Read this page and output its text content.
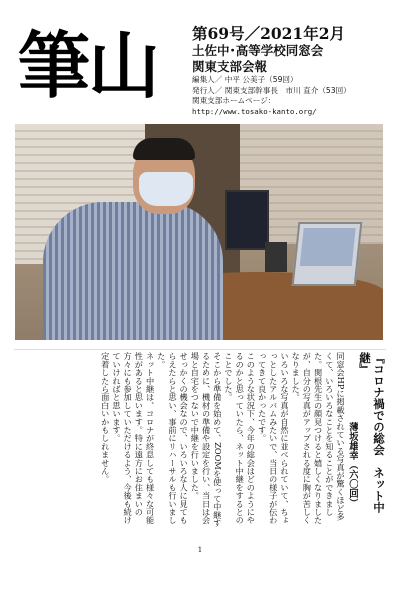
筆山	第69号／2021年2月
土佐中･高等学校同窓会
関東支部会報
編集人／ 中平 公美子（59回）
発行人／ 関東支部幹事長　市川 直介（53回）
関東支部ホームページ：
http://www.tosako-kanto.org/
『コロナ禍での総会　ネット中継』
薄坂雄幸（六〇回）
同窓会HPに掲載されている写真が驚くほど多くて、いろいろなことを知ることができました。関根先生の顔見つけると嬉しくなりましたが、自分の写真がアップされる度に胸が苦しくなりました。
いろいろな写真が自然に並べられていて、ちょっとしたアルバムみたいで、当日の様子が伝わってきて良かったです。
このような状況下、今年の総会はどのようにやるのかと思っていたら、ネット中継をするとのことでした。
そこから準備を始めて、ZOOMを使って中継するために、機材の準備や設定を行い、当日は会場と自宅をつないで中継を行いました。
せっかくの機会なので、いろいろな人に見てもらえたらと思い、事前にリハーサルも行いました。
ネット中継は、コロナが終息しても様々な可能性があると思います。特に遠方にお住まいの方々にも参加していただけるよう、今後も続けていければと思います。
定着したら面白いかもしれません。
1
